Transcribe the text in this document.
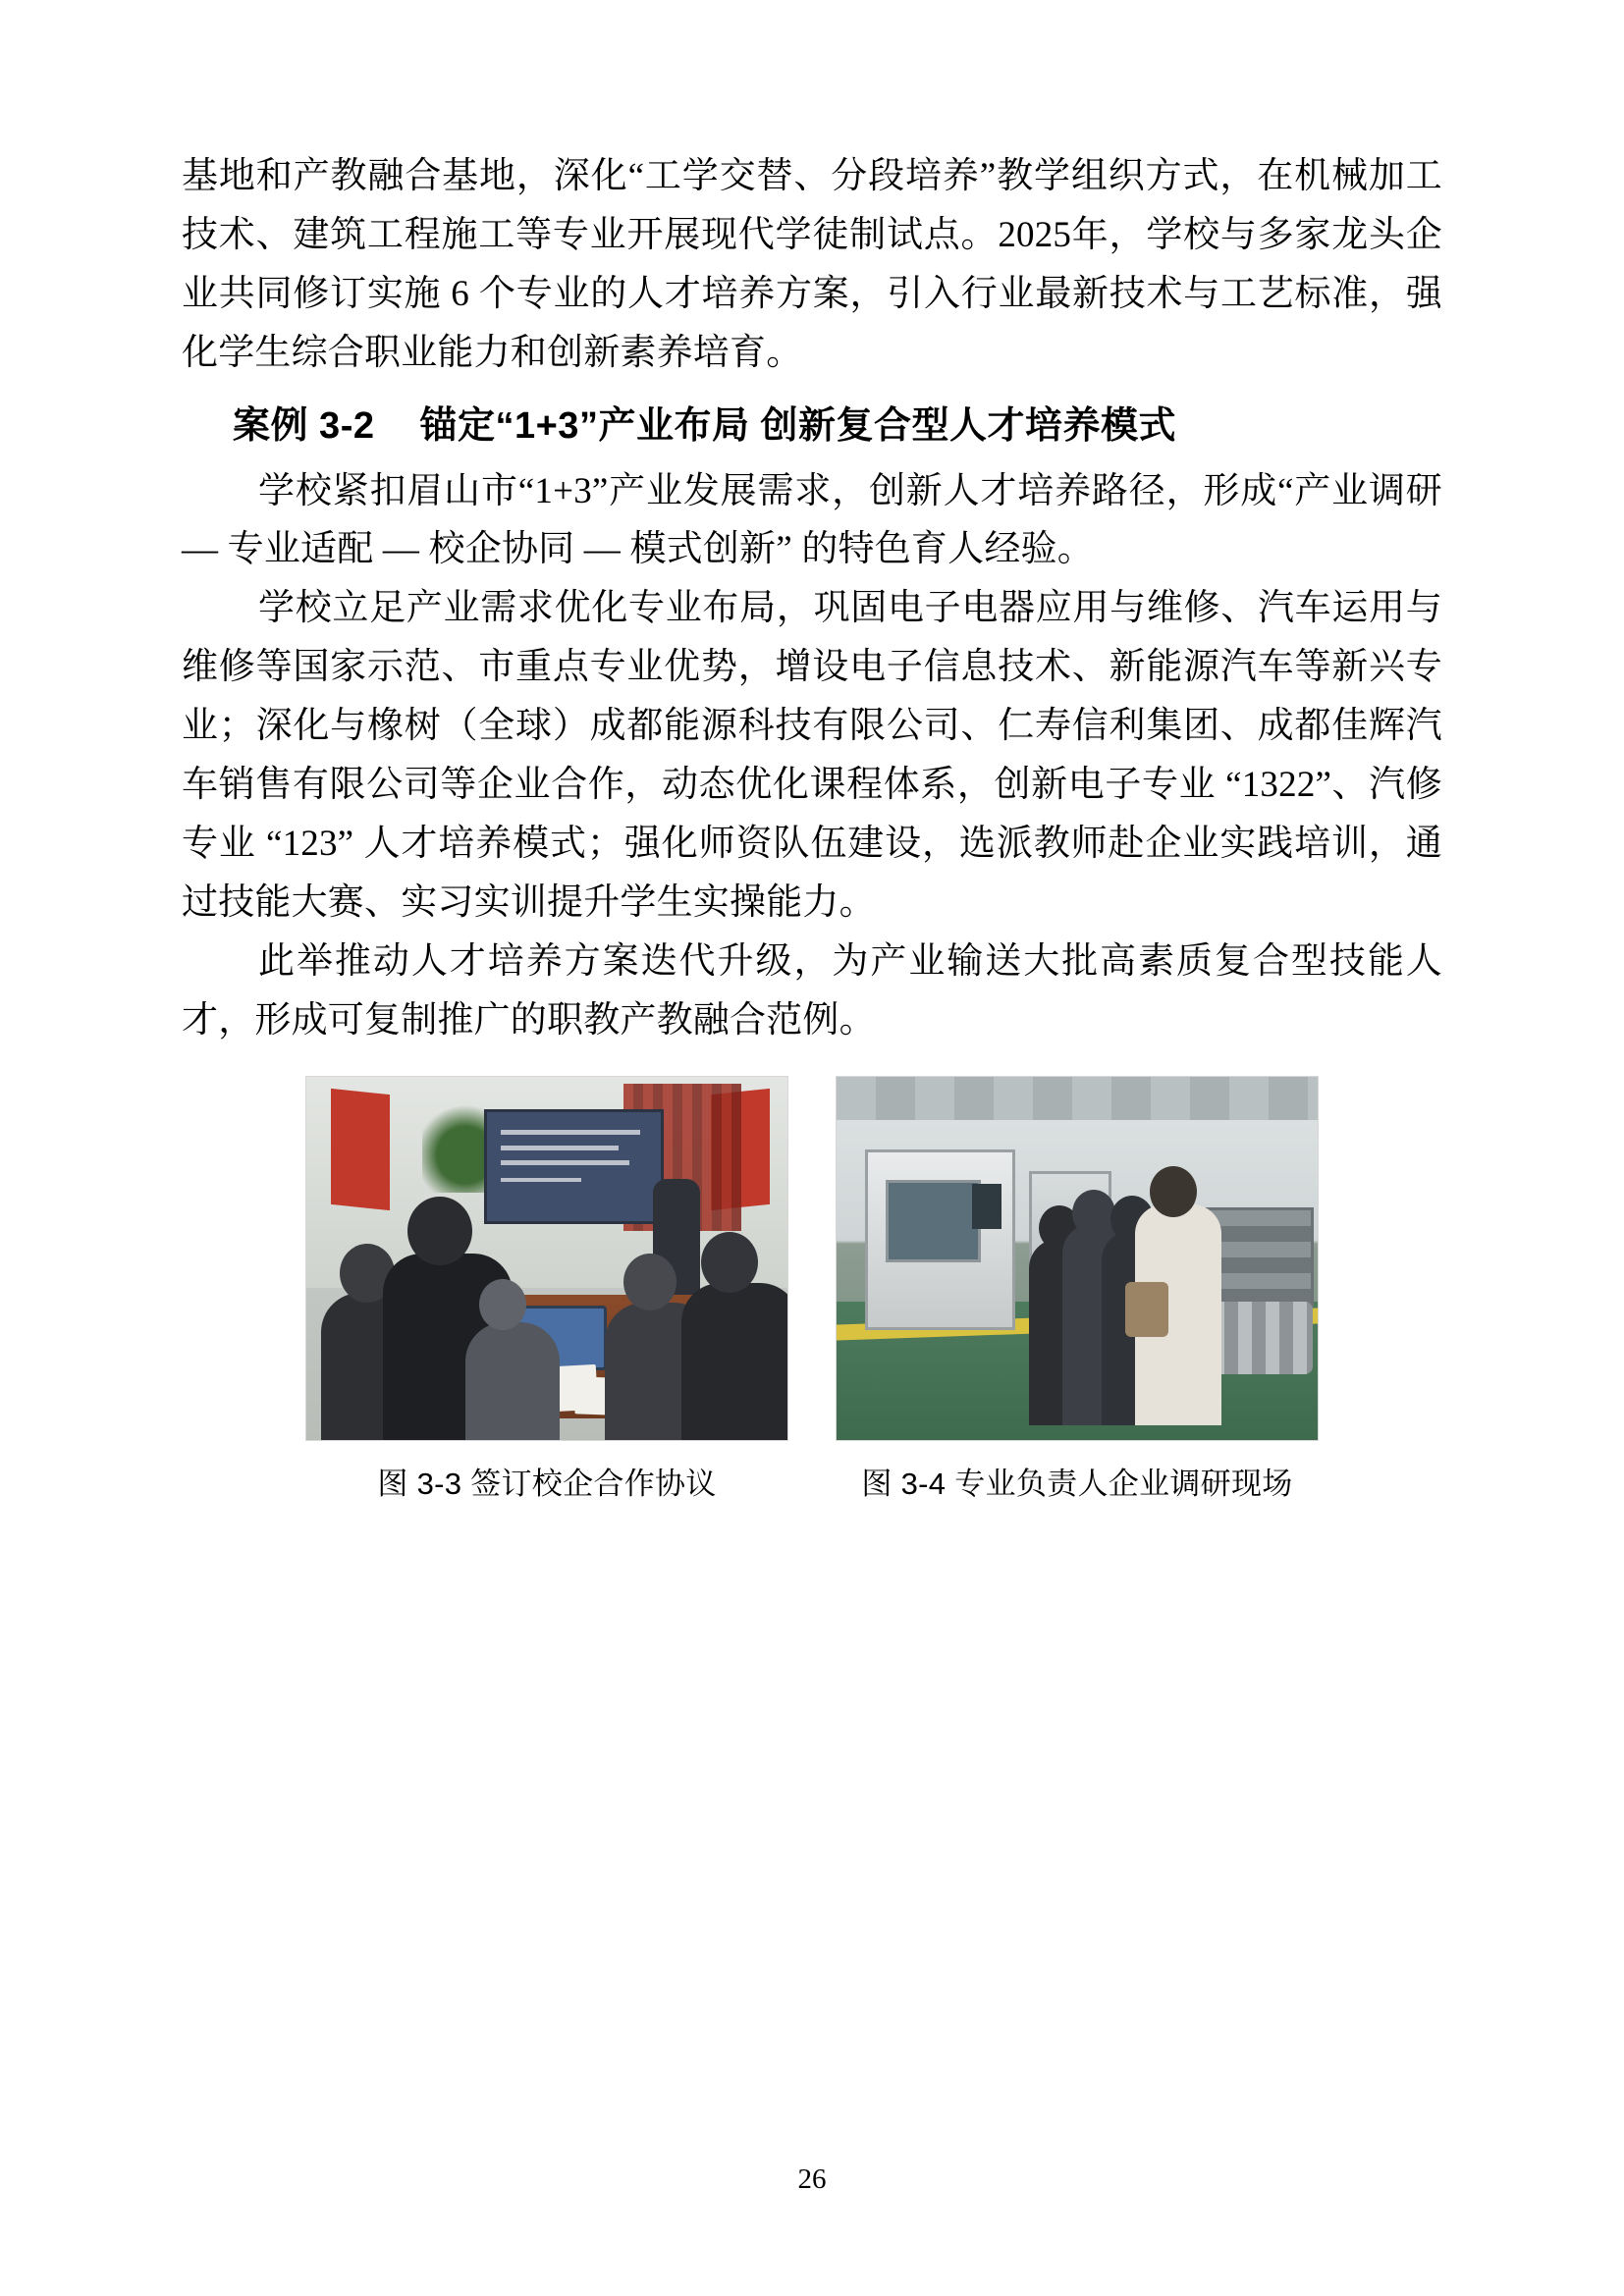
基地和产教融合基地，深化“工学交替、分段培养”教学组织方式，在机械加工技术、建筑工程施工等专业开展现代学徒制试点。2025年，学校与多家龙头企业共同修订实施 6 个专业的人才培养方案，引入行业最新技术与工艺标准，强化学生综合职业能力和创新素养培育。

案例 3-2 锚定“1+3”产业布局 创新复合型人才培养模式

学校紧扣眉山市“1+3”产业发展需求，创新人才培养路径，形成“产业调研 — 专业适配 — 校企协同 — 模式创新” 的特色育人经验。

学校立足产业需求优化专业布局，巩固电子电器应用与维修、汽车运用与维修等国家示范、市重点专业优势，增设电子信息技术、新能源汽车等新兴专业；深化与橡树（全球）成都能源科技有限公司、仁寿信利集团、成都佳辉汽车销售有限公司等企业合作，动态优化课程体系，创新电子专业 “1322”、汽修专业 “123” 人才培养模式；强化师资队伍建设，选派教师赴企业实践培训，通过技能大赛、实习实训提升学生实操能力。

此举推动人才培养方案迭代升级，为产业输送大批高素质复合型技能人才，形成可复制推广的职教产教融合范例。

图 3-3 签订校企合作协议	图 3-4 专业负责人企业调研现场
26
